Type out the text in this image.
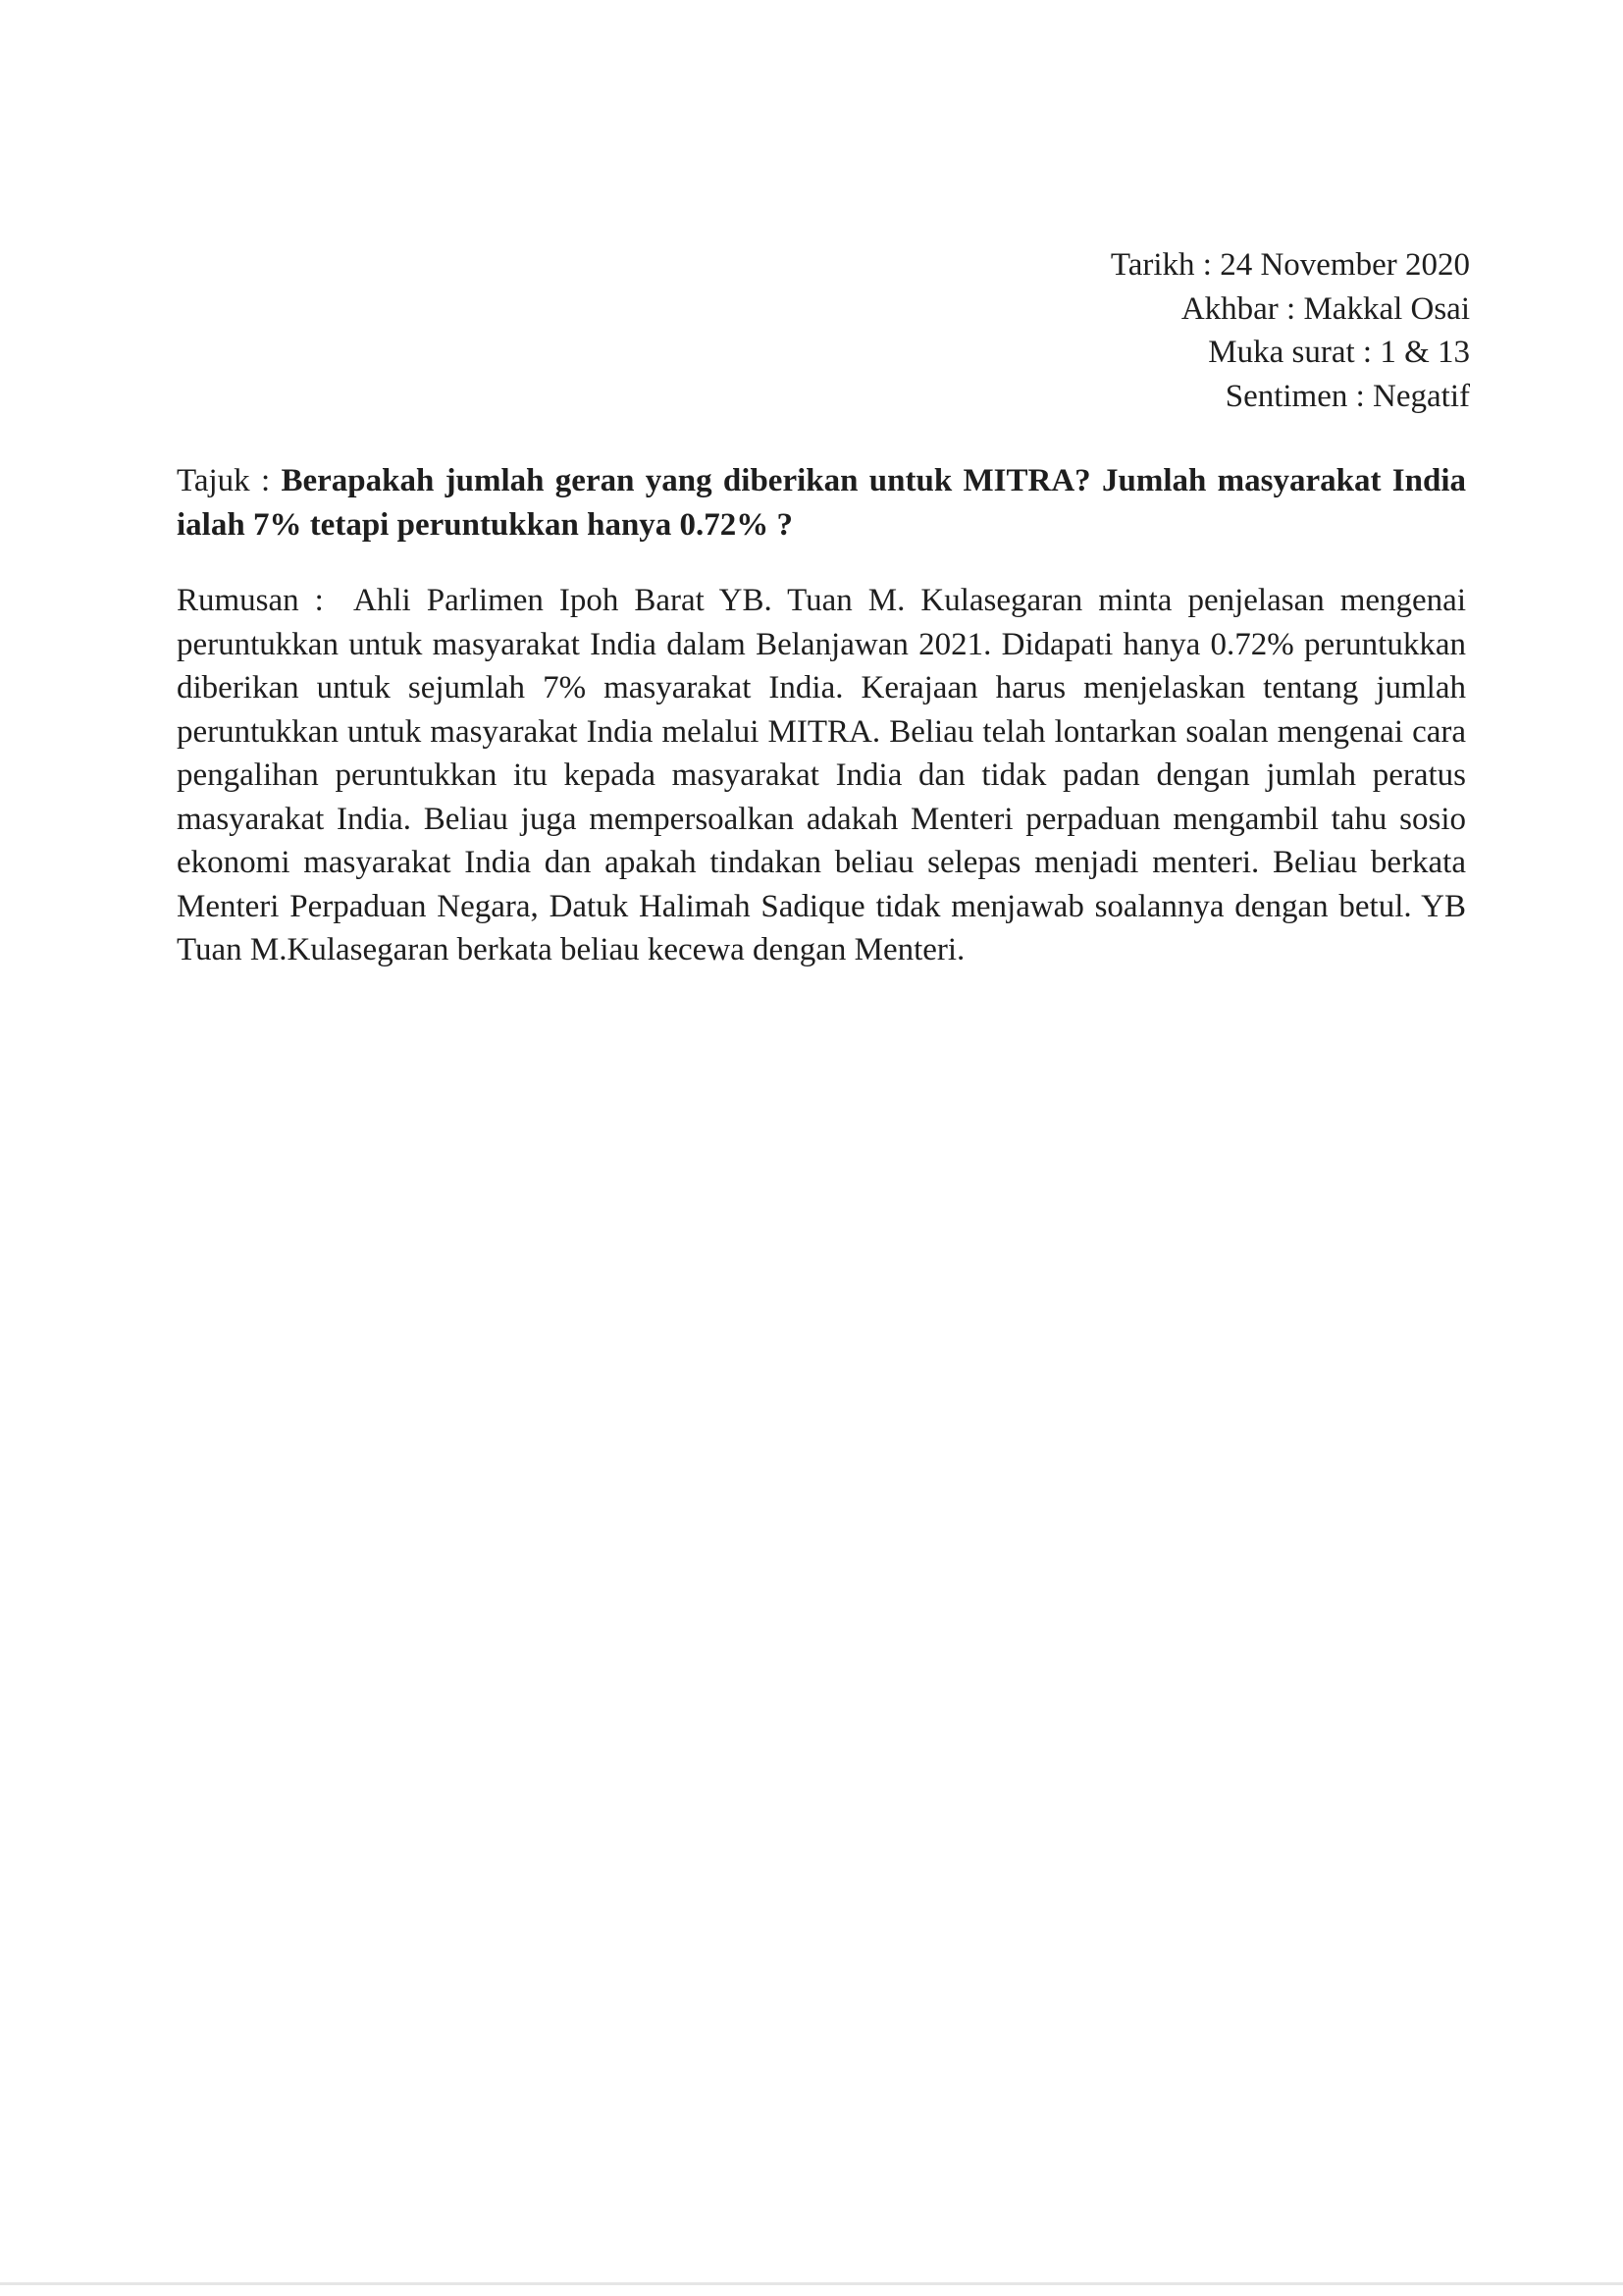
Tarikh : 24 November 2020
Akhbar : Makkal Osai
Muka surat : 1 & 13
Sentimen : Negatif
Tajuk : Berapakah jumlah geran yang diberikan untuk MITRA? Jumlah masyarakat India ialah 7% tetapi peruntukkan hanya 0.72% ?
Rumusan :  Ahli Parlimen Ipoh Barat YB. Tuan M. Kulasegaran minta penjelasan mengenai peruntukkan untuk masyarakat India dalam Belanjawan 2021. Didapati hanya 0.72% peruntukkan diberikan untuk sejumlah 7% masyarakat India. Kerajaan harus menjelaskan tentang jumlah peruntukkan untuk masyarakat India melalui MITRA. Beliau telah lontarkan soalan mengenai cara pengalihan peruntukkan itu kepada masyarakat India dan tidak padan dengan jumlah peratus masyarakat India. Beliau juga mempersoalkan adakah Menteri perpaduan mengambil tahu sosio ekonomi masyarakat India dan apakah tindakan beliau selepas menjadi menteri. Beliau berkata Menteri Perpaduan Negara, Datuk Halimah Sadique tidak menjawab soalannya dengan betul. YB Tuan M.Kulasegaran berkata beliau kecewa dengan Menteri.
